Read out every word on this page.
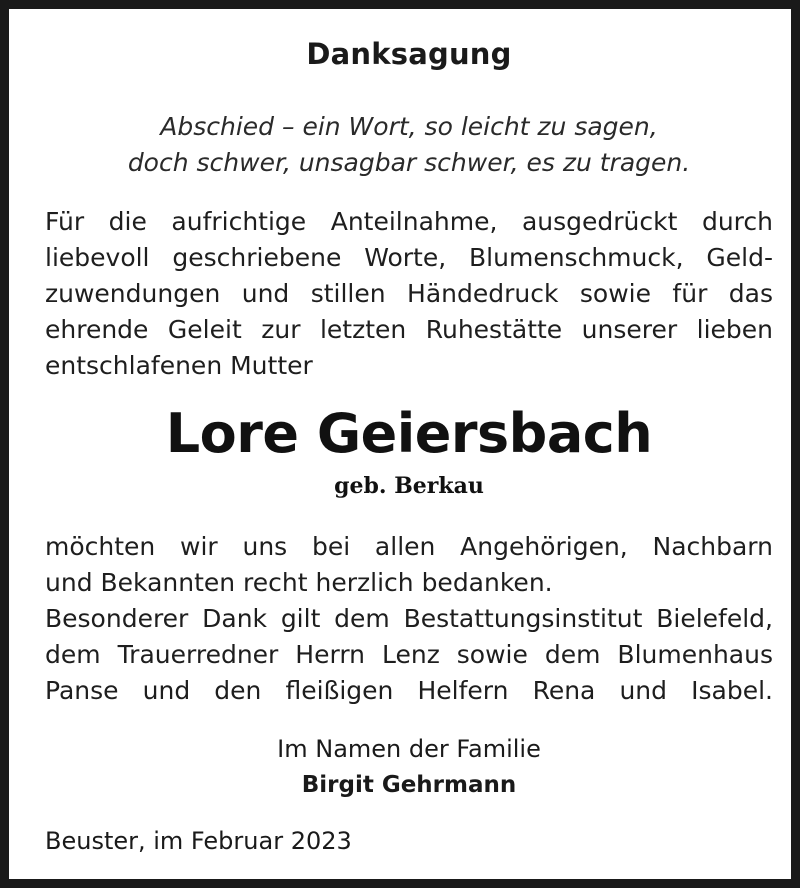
Danksagung
Abschied – ein Wort, so leicht zu sagen,
doch schwer, unsagbar schwer, es zu tragen.
Für die aufrichtige Anteilnahme, ausgedrückt durch
liebevoll geschriebene Worte, Blumenschmuck, Geld-
zuwendungen und stillen Händedruck sowie für das
ehrende Geleit zur letzten Ruhestätte unserer lieben
entschlafenen Mutter
Lore Geiersbach
geb. Berkau
möchten wir uns bei allen Angehörigen, Nachbarn
und Bekannten recht herzlich bedanken.
Besonderer Dank gilt dem Bestattungsinstitut Bielefeld,
dem Trauerredner Herrn Lenz sowie dem Blumenhaus
Panse und den fleißigen Helfern Rena und Isabel.
Im Namen der Familie
Birgit Gehrmann
Beuster, im Februar 2023
